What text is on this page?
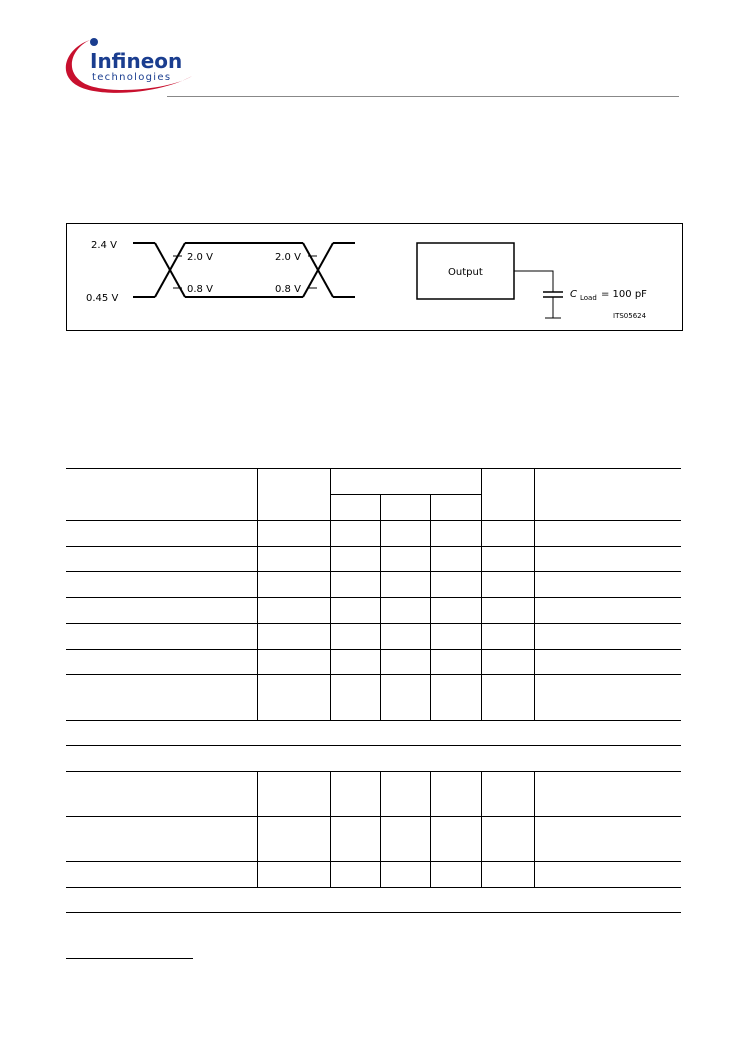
Infineon
technologies
2.4 V
0.45 V
2.0 V
0.8 V
2.0 V
0.8 V
Output
C Load = 100 pF
ITS05624
